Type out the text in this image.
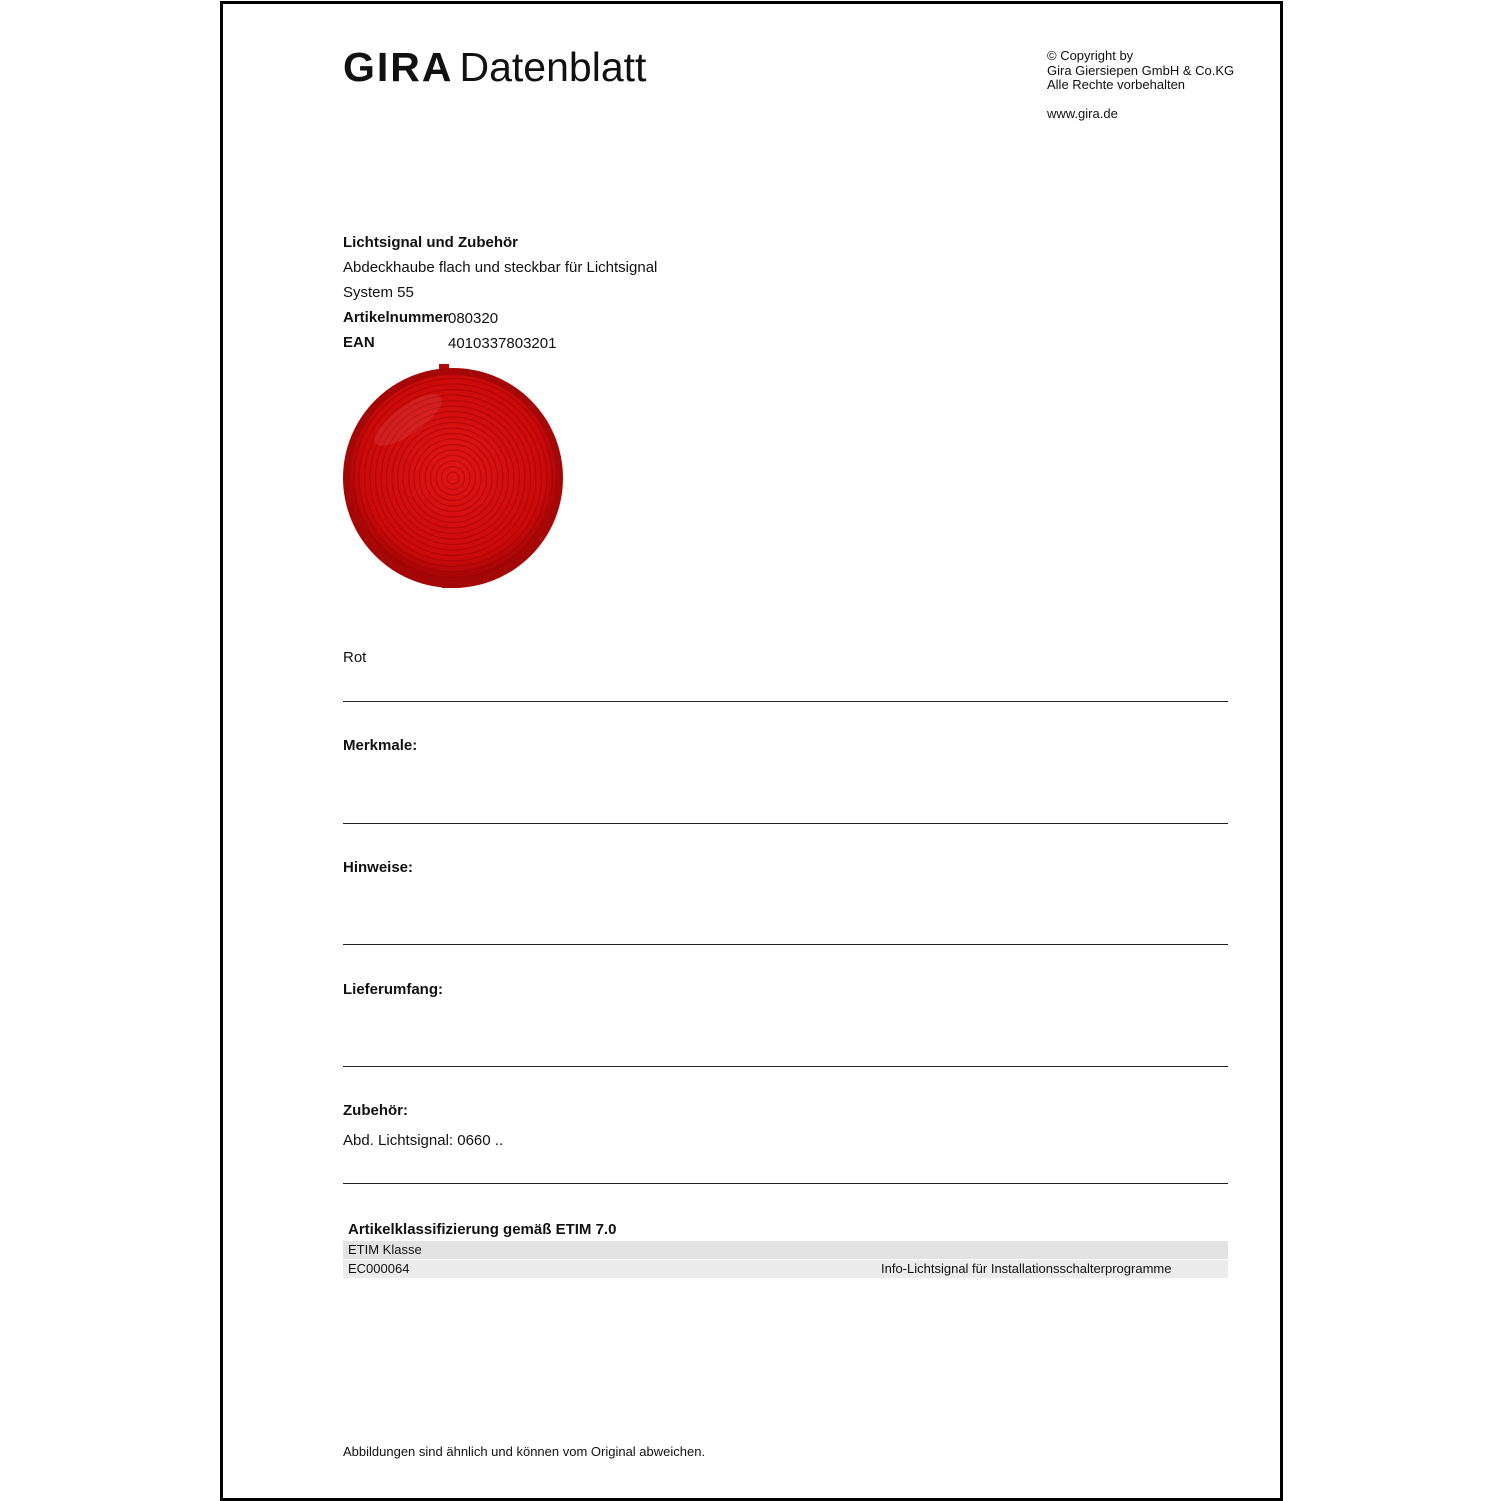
GIRA Datenblatt	© Copyright by
Gira Giersiepen GmbH & Co.KG
Alle Rechte vorbehalten
www.gira.de
Lichtsignal und Zubehör
Abdeckhaube flach und steckbar für Lichtsignal
System 55
Artikelnummer 080320
EAN	4010337803201
Rot
Merkmale:
Hinweise:
Lieferumfang:
Zubehör:
Abd. Lichtsignal: 0660 ..
Artikelklassifizierung gemäß ETIM 7.0
ETIM Klasse
EC000064	Info-Lichtsignal für Installationsschalterprogramme
Abbildungen sind ähnlich und können vom Original abweichen.
